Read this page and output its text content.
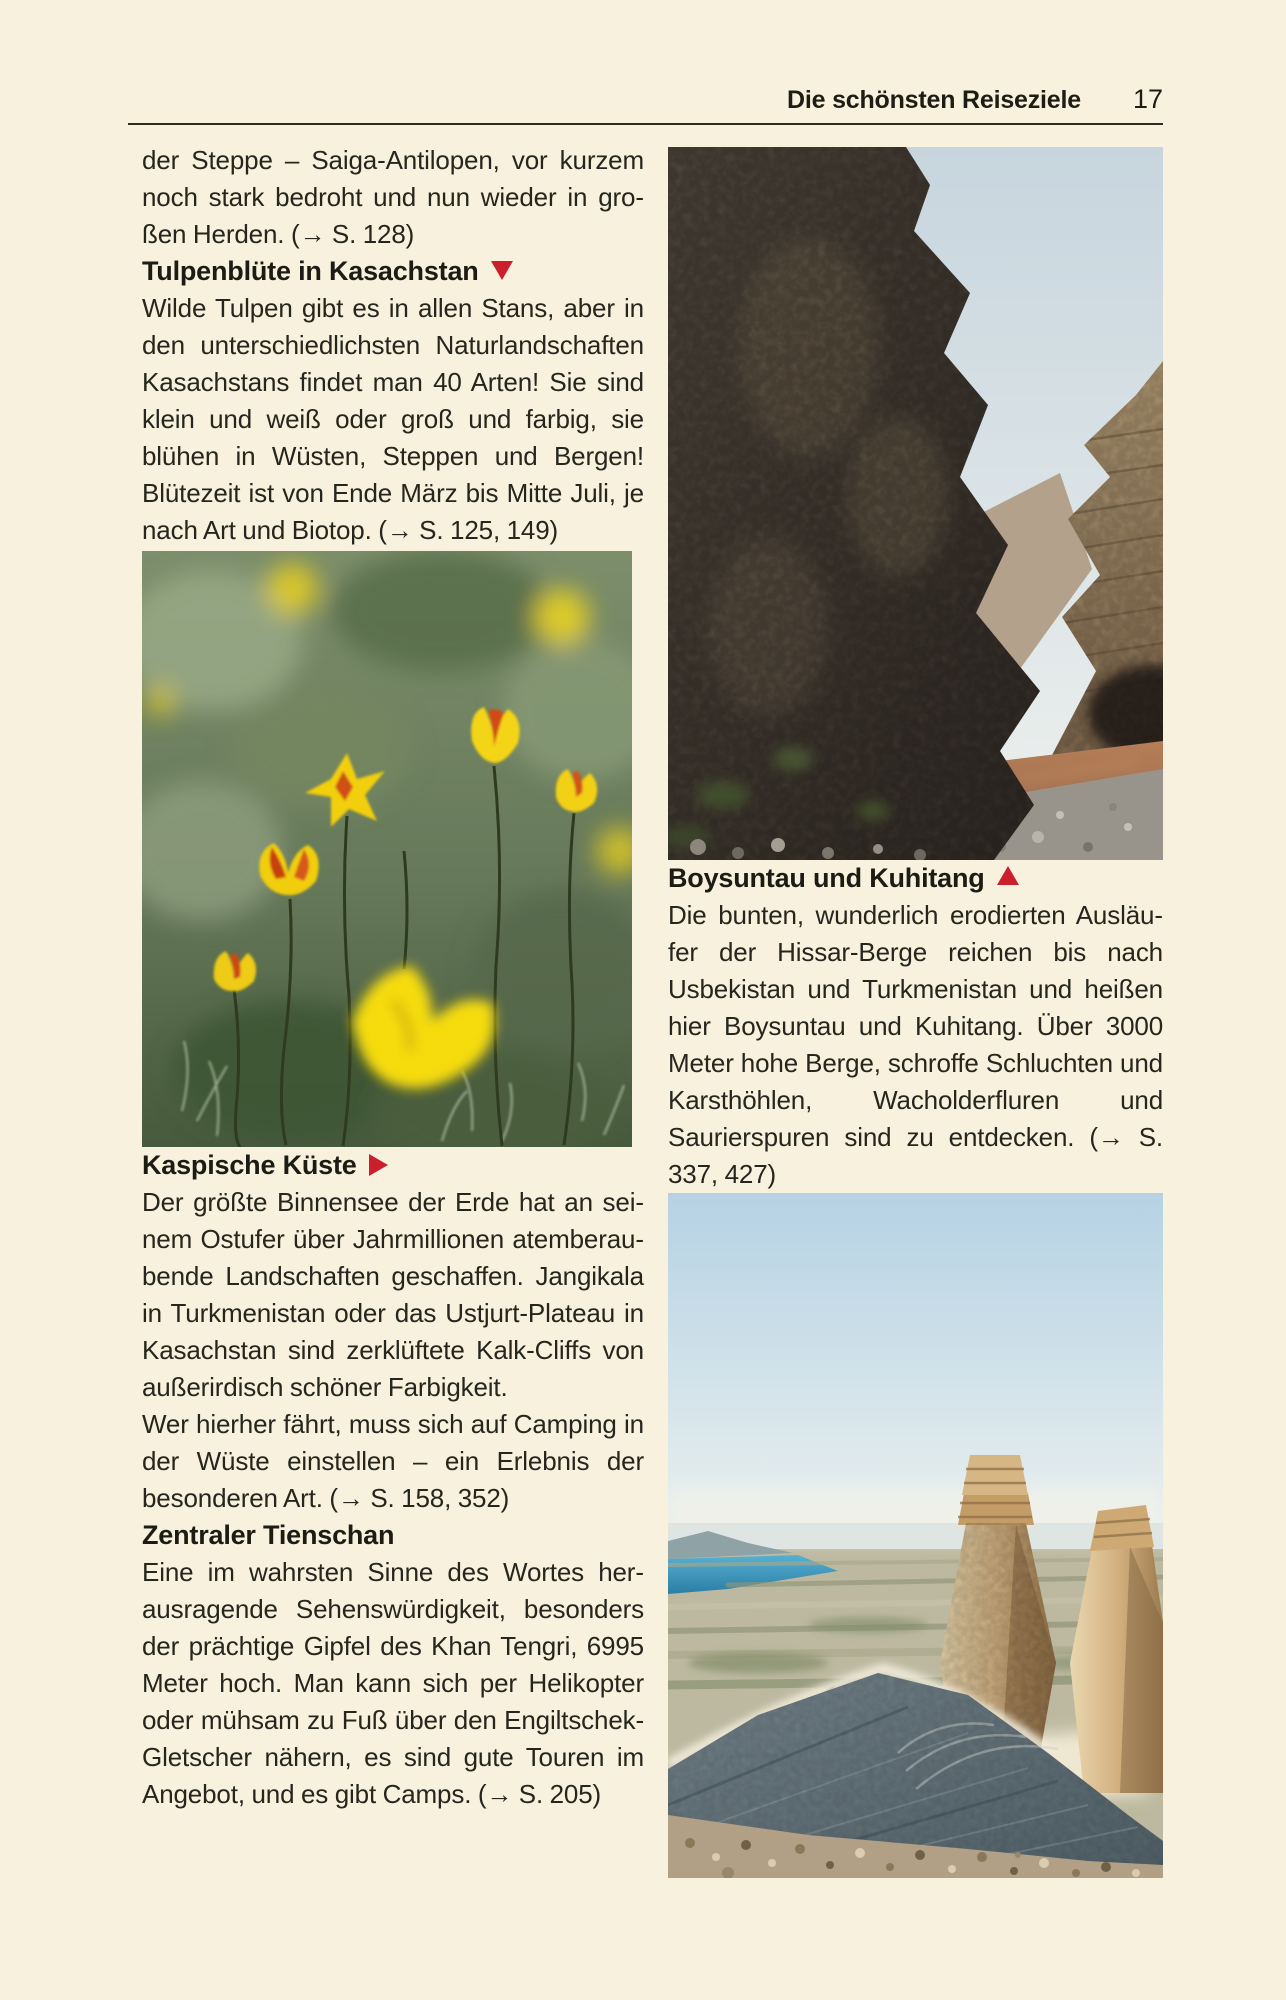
Die schönsten Reiseziele 17

der Steppe – Saiga-Antilopen, vor kurzem noch stark bedroht und nun wieder in großen Herden. (→ S. 128)

Tulpenblüte in Kasachstan

Wilde Tulpen gibt es in allen Stans, aber in den unterschiedlichsten Naturlandschaften Kasachstans findet man 40 Arten! Sie sind klein und weiß oder groß und farbig, sie blühen in Wüsten, Steppen und Bergen! Blütezeit ist von Ende März bis Mitte Juli, je nach Art und Biotop. (→ S. 125, 149)

Kaspische Küste

Der größte Binnensee der Erde hat an seinem Ostufer über Jahrmillionen atemberaubende Landschaften geschaffen. Jangikala in Turkmenistan oder das Ustjurt-Plateau in Kasachstan sind zerklüftete Kalk-Cliffs von außerirdisch schöner Farbigkeit.

Wer hierher fährt, muss sich auf Camping in der Wüste einstellen – ein Erlebnis der besonderen Art. (→ S. 158, 352)

Zentraler Tienschan

Eine im wahrsten Sinne des Wortes herausragende Sehenswürdigkeit, besonders der prächtige Gipfel des Khan Tengri, 6995 Meter hoch. Man kann sich per Helikopter oder mühsam zu Fuß über den Engiltschek-Gletscher nähern, es sind gute Touren im Angebot, und es gibt Camps. (→ S. 205)

Boysuntau und Kuhitang

Die bunten, wunderlich erodierten Ausläufer der Hissar-Berge reichen bis nach Usbekistan und Turkmenistan und heißen hier Boysuntau und Kuhitang. Über 3000 Meter hohe Berge, schroffe Schluchten und Karsthöhlen, Wacholderfluren und Saurierspuren sind zu entdecken. (→ S. 337, 427)
